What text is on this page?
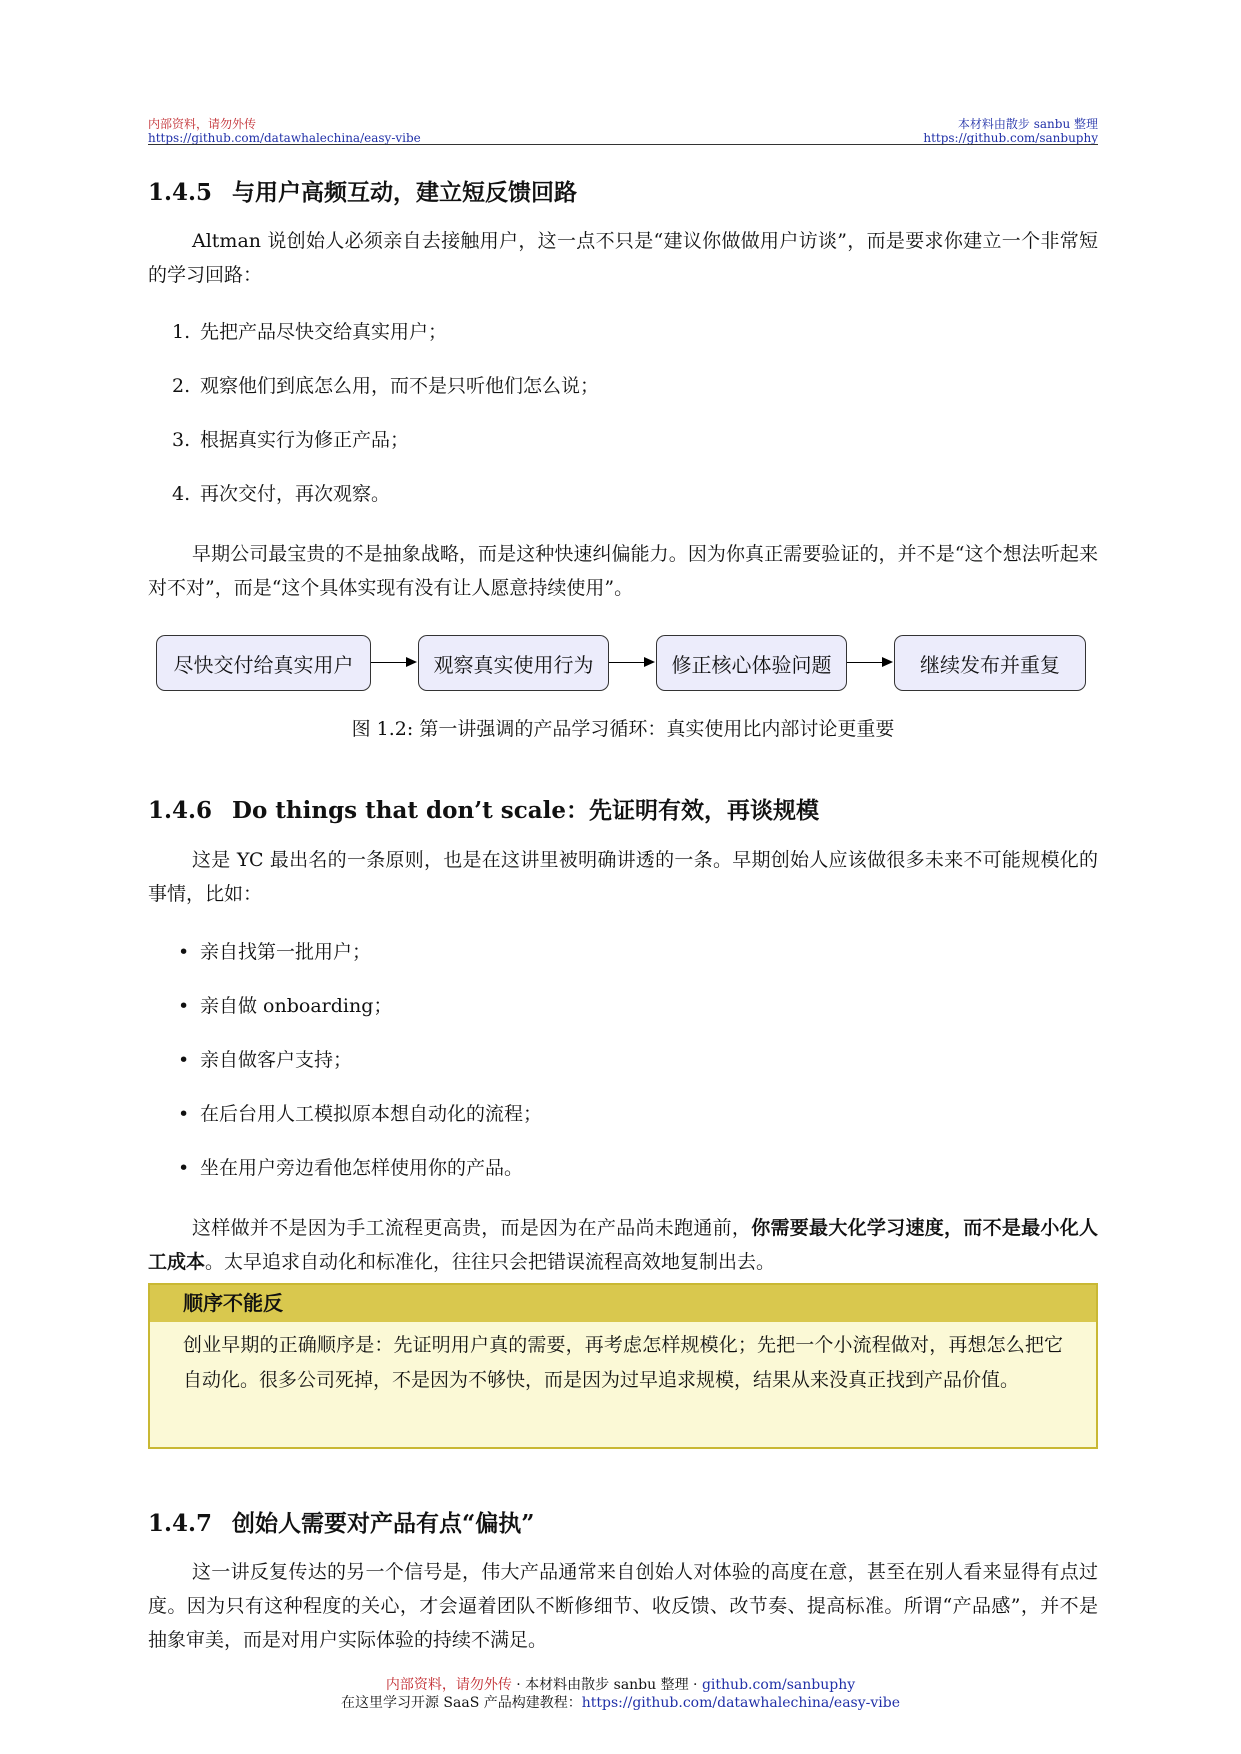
内部资料，请勿外传
https://github.com/datawhalechina/easy-vibe
本材料由散步 sanbu 整理
https://github.com/sanbuphy
1.4.5 与用户高频互动，建立短反馈回路

Altman 说创始人必须亲自去接触用户，这一点不只是“建议你做做用户访谈”，而是要求你建立一个非常短的学习回路：

1. 先把产品尽快交给真实用户；
2. 观察他们到底怎么用，而不是只听他们怎么说；
3. 根据真实行为修正产品；
4. 再次交付，再次观察。

早期公司最宝贵的不是抽象战略，而是这种快速纠偏能力。因为你真正需要验证的，并不是“这个想法听起来对不对”，而是“这个具体实现有没有让人愿意持续使用”。

尽快交付给真实用户	观察真实使用行为	修正核心体验问题	继续发布并重复
图 1.2: 第一讲强调的产品学习循环：真实使用比内部讨论更重要
1.4.6 Do things that don’t scale：先证明有效，再谈规模

这是 YC 最出名的一条原则，也是在这讲里被明确讲透的一条。早期创始人应该做很多未来不可能规模化的事情，比如：

• 亲自找第一批用户；
• 亲自做 onboarding；
• 亲自做客户支持；
• 在后台用人工模拟原本想自动化的流程；
• 坐在用户旁边看他怎样使用你的产品。

这样做并不是因为手工流程更高贵，而是因为在产品尚未跑通前，你需要最大化学习速度，而不是最小化人工成本。太早追求自动化和标准化，往往只会把错误流程高效地复制出去。

顺序不能反
创业早期的正确顺序是：先证明用户真的需要，再考虑怎样规模化；先把一个小流程做对，再想怎么把它自动化。很多公司死掉，不是因为不够快，而是因为过早追求规模，结果从来没真正找到产品价值。
1.4.7 创始人需要对产品有点“偏执”

这一讲反复传达的另一个信号是，伟大产品通常来自创始人对体验的高度在意，甚至在别人看来显得有点过度。因为只有这种程度的关心，才会逼着团队不断修细节、收反馈、改节奏、提高标准。所谓“产品感”，并不是抽象审美，而是对用户实际体验的持续不满足。

内部资料，请勿外传 · 本材料由散步 sanbu 整理 · github.com/sanbuphy
在这里学习开源 SaaS 产品构建教程：https://github.com/datawhalechina/easy-vibe
